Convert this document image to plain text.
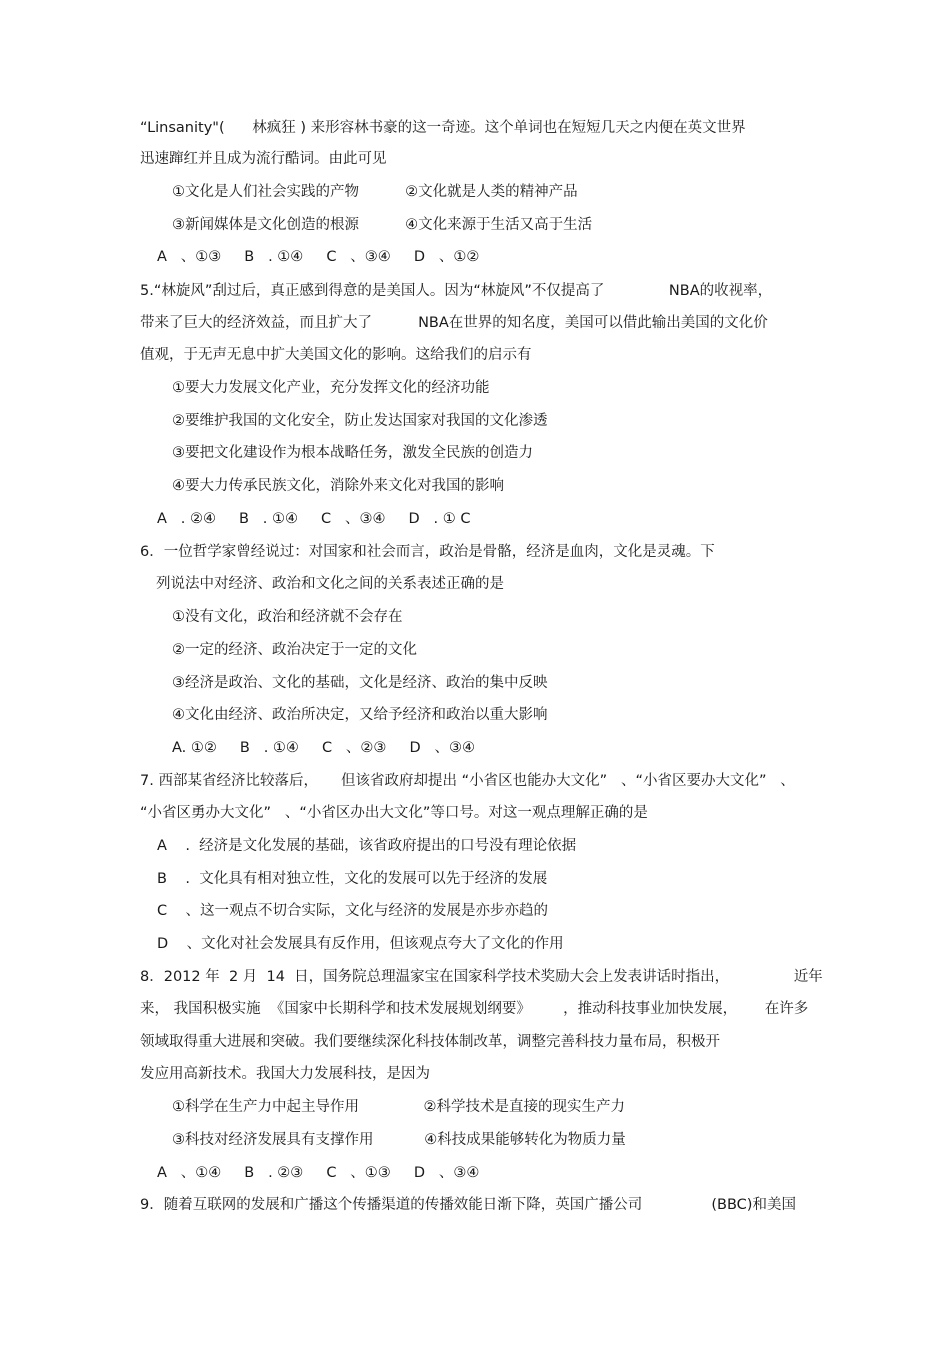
“Linsanity"(      林疯狂 ) 来形容林书豪的这一奇迹。这个单词也在短短几天之内便在英文世界
迅速蹿红并且成为流行酷词。由此可见
①文化是人们社会实践的产物          ②文化就是人类的精神产品
③新闻媒体是文化创造的根源          ④文化来源于生活又高于生活
A   、①③     B   . ①④     C   、③④     D   、①②
5.“林旋风”刮过后，真正感到得意的是美国人。因为“林旋风”不仅提高了              NBA的收视率，
带来了巨大的经济效益，而且扩大了          NBA在世界的知名度，美国可以借此输出美国的文化价
值观，于无声无息中扩大美国文化的影响。这给我们的启示有
①要大力发展文化产业，充分发挥文化的经济功能
②要维护我国的文化安全，防止发达国家对我国的文化渗透
③要把文化建设作为根本战略任务，激发全民族的创造力
④要大力传承民族文化，消除外来文化对我国的影响
A   . ②④     B   . ①④     C   、③④     D   . ① C
6．一位哲学家曾经说过：对国家和社会而言，政治是骨骼，经济是血肉，文化是灵魂。下
列说法中对经济、政治和文化之间的关系表述正确的是
①没有文化，政治和经济就不会存在
②一定的经济、政治决定于一定的文化
③经济是政治、文化的基础，文化是经济、政治的集中反映
④文化由经济、政治所决定，又给予经济和政治以重大影响
A. ①②     B   . ①④     C   、②③     D   、③④
7. 西部某省经济比较落后，     但该省政府却提出 “小省区也能办大文化”   、“小省区要办大文化”   、
“小省区勇办大文化”   、“小省区办出大文化”等口号。对这一观点理解正确的是
A    .  经济是文化发展的基础，该省政府提出的口号没有理论依据
B    .  文化具有相对独立性，文化的发展可以先于经济的发展
C    、这一观点不切合实际，文化与经济的发展是亦步亦趋的
D    、文化对社会发展具有反作用，但该观点夸大了文化的作用
8．2012 年  2 月  14  日，国务院总理温家宝在国家科学技术奖励大会上发表讲话时指出，              近年
来， 我国积极实施  《国家中长期科学和技术发展规划纲要》       ，推动科技事业加快发展，      在许多
领域取得重大进展和突破。我们要继续深化科技体制改革，调整完善科技力量布局，积极开
发应用高新技术。我国大力发展科技，是因为
①科学在生产力中起主导作用              ②科学技术是直接的现实生产力
③科技对经济发展具有支撑作用           ④科技成果能够转化为物质力量
A   、①④     B   . ②③     C   、①③     D   、③④
9．随着互联网的发展和广播这个传播渠道的传播效能日渐下降，英国广播公司               (BBC)和美国
